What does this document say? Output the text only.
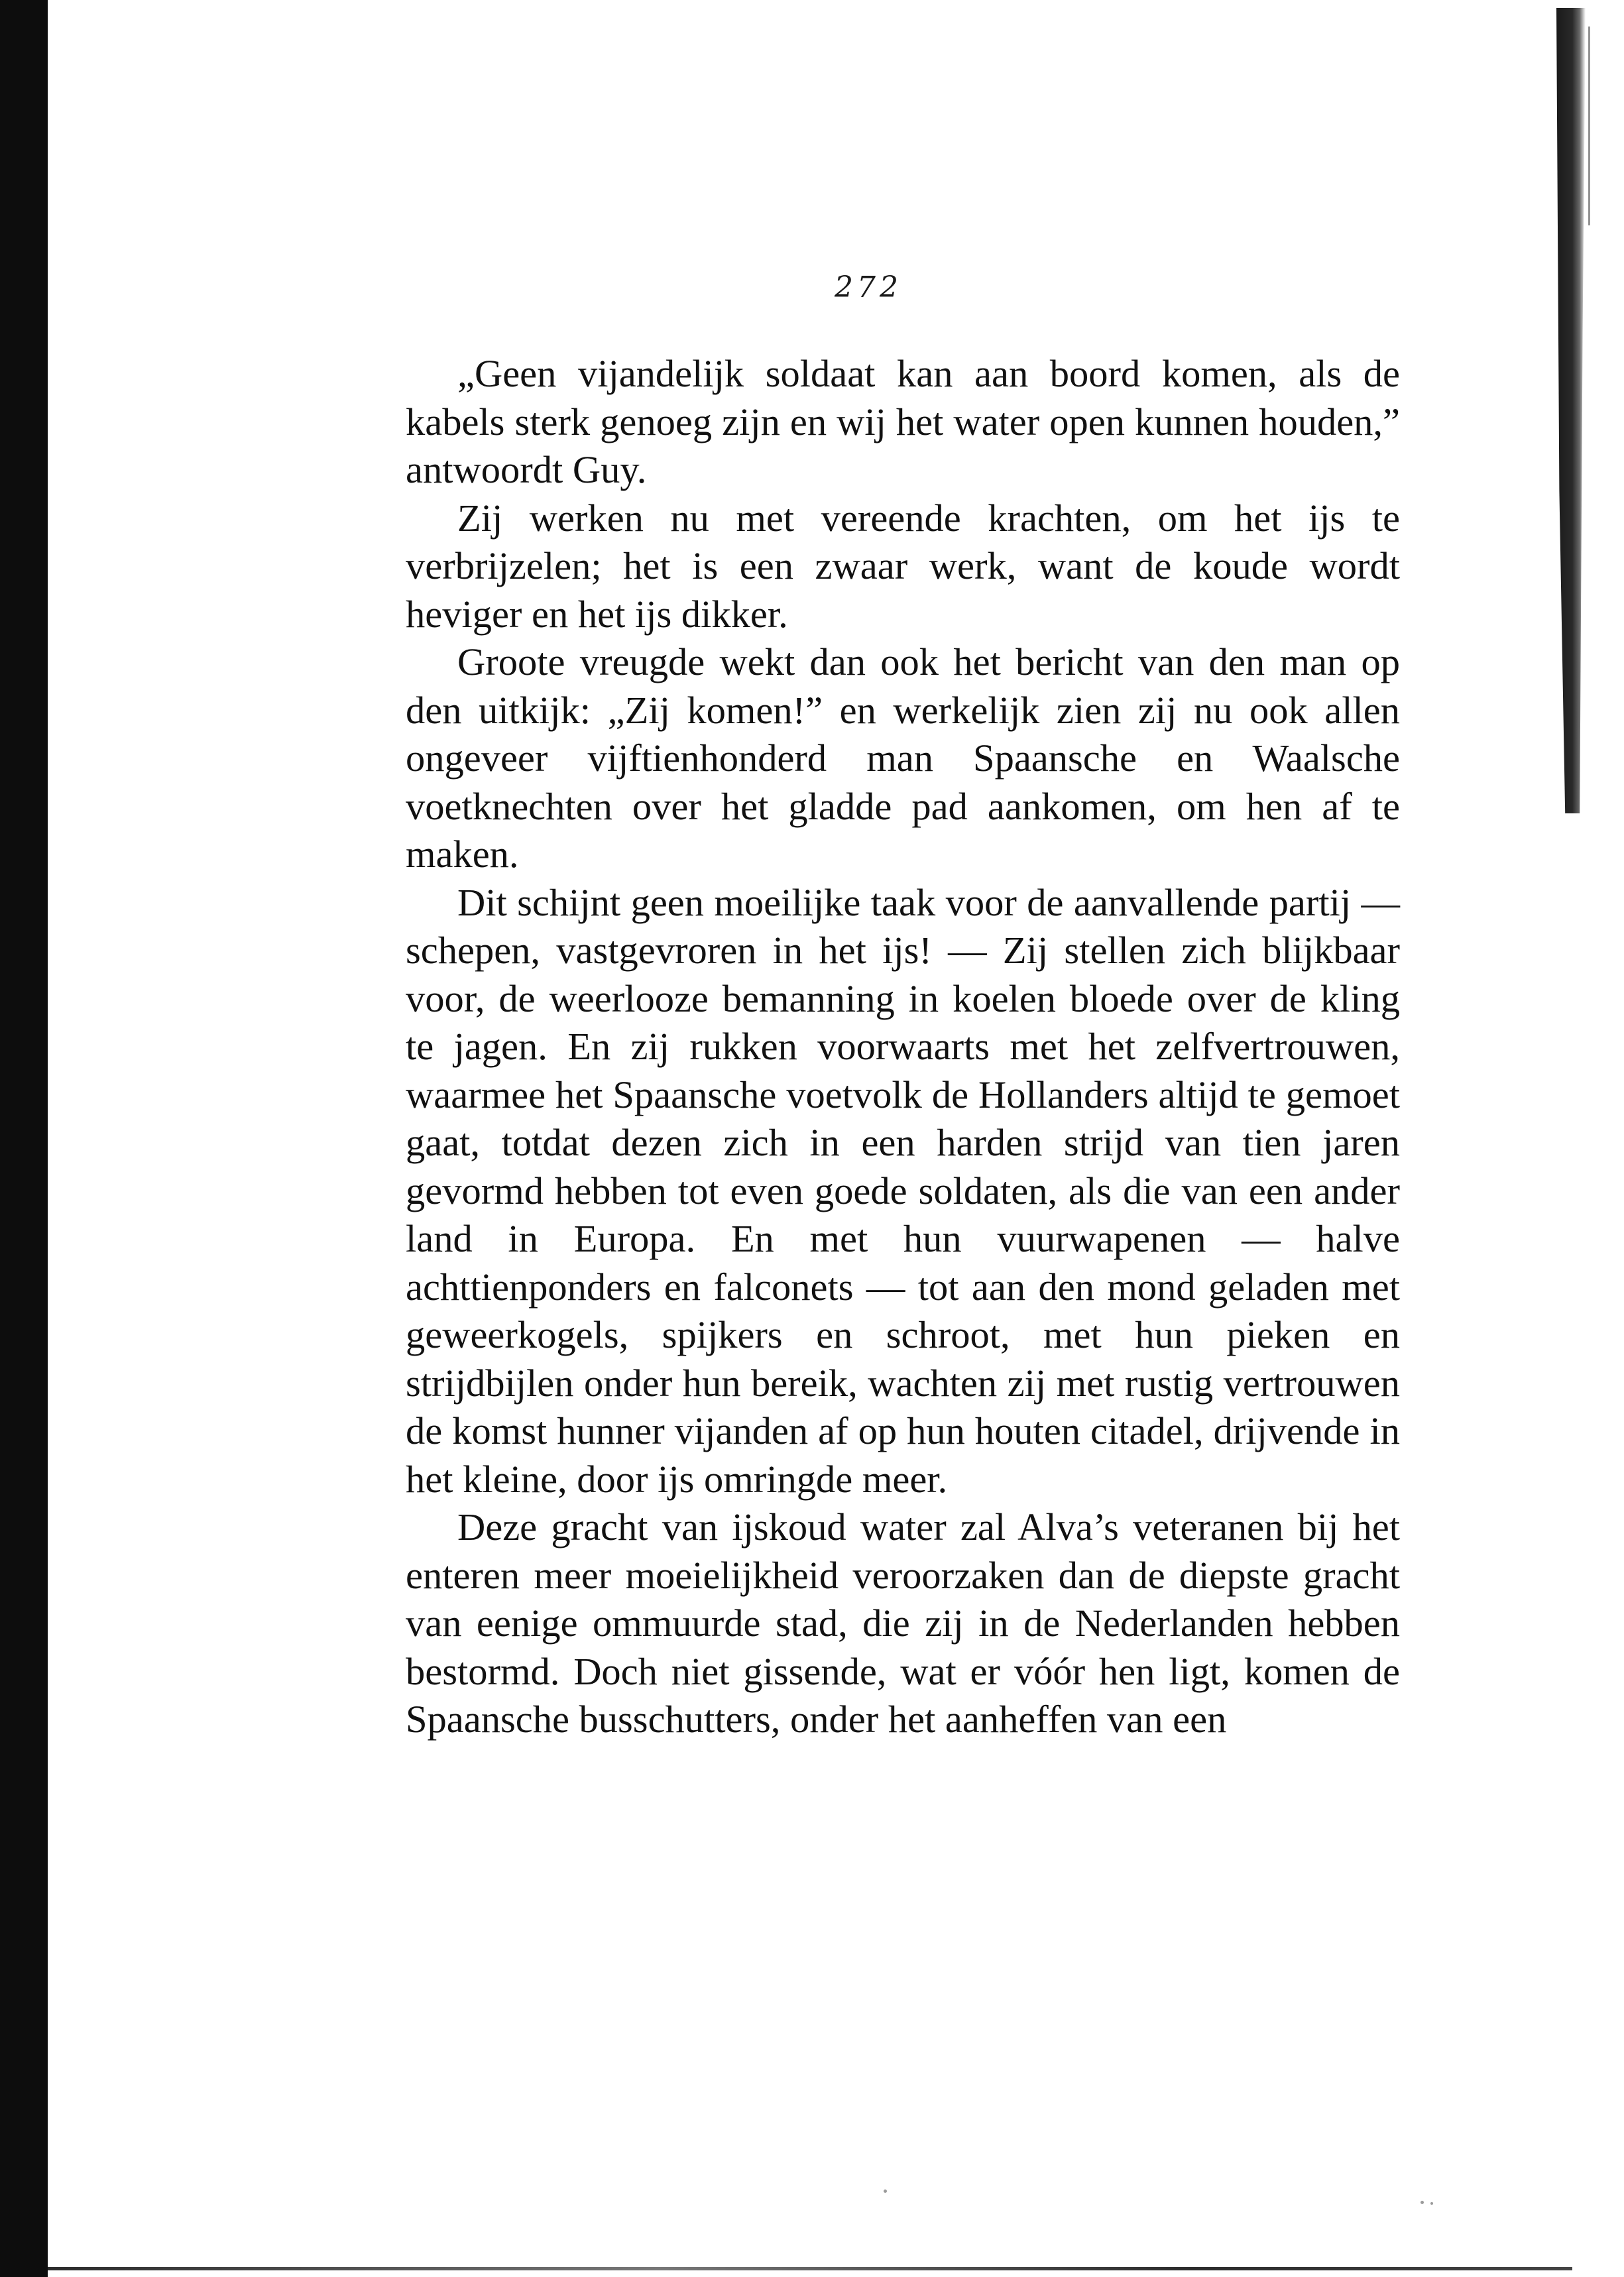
272

„Geen vijandelijk soldaat kan aan boord komen, als de kabels sterk genoeg zijn en wij het water open kunnen houden,” antwoordt Guy.

Zij werken nu met vereende krachten, om het ijs te verbrijzelen; het is een zwaar werk, want de koude wordt heviger en het ijs dikker.

Groote vreugde wekt dan ook het bericht van den man op den uitkijk: „Zij komen!” en werkelijk zien zij nu ook allen ongeveer vijftienhonderd man Spaansche en Waalsche voetknechten over het gladde pad aankomen, om hen af te maken.

Dit schijnt geen moeilijke taak voor de aanvallende partij — schepen, vastgevroren in het ijs! — Zij stellen zich blijkbaar voor, de weerlooze bemanning in koelen bloede over de kling te jagen. En zij rukken voorwaarts met het zelfvertrouwen, waarmee het Spaansche voetvolk de Hollanders altijd te gemoet gaat, totdat dezen zich in een harden strijd van tien jaren gevormd hebben tot even goede soldaten, als die van een ander land in Europa. En met hun vuurwapenen — halve achttienponders en falconets — tot aan den mond geladen met geweerkogels, spijkers en schroot, met hun pieken en strijdbijlen onder hun bereik, wachten zij met rustig vertrouwen de komst hunner vijanden af op hun houten citadel, drijvende in het kleine, door ijs omringde meer.

Deze gracht van ijskoud water zal Alva’s veteranen bij het enteren meer moeielijkheid veroorzaken dan de diepste gracht van eenige ommuurde stad, die zij in de Nederlanden hebben bestormd. Doch niet gissende, wat er vóór hen ligt, komen de Spaansche busschutters, onder het aanheffen van een
